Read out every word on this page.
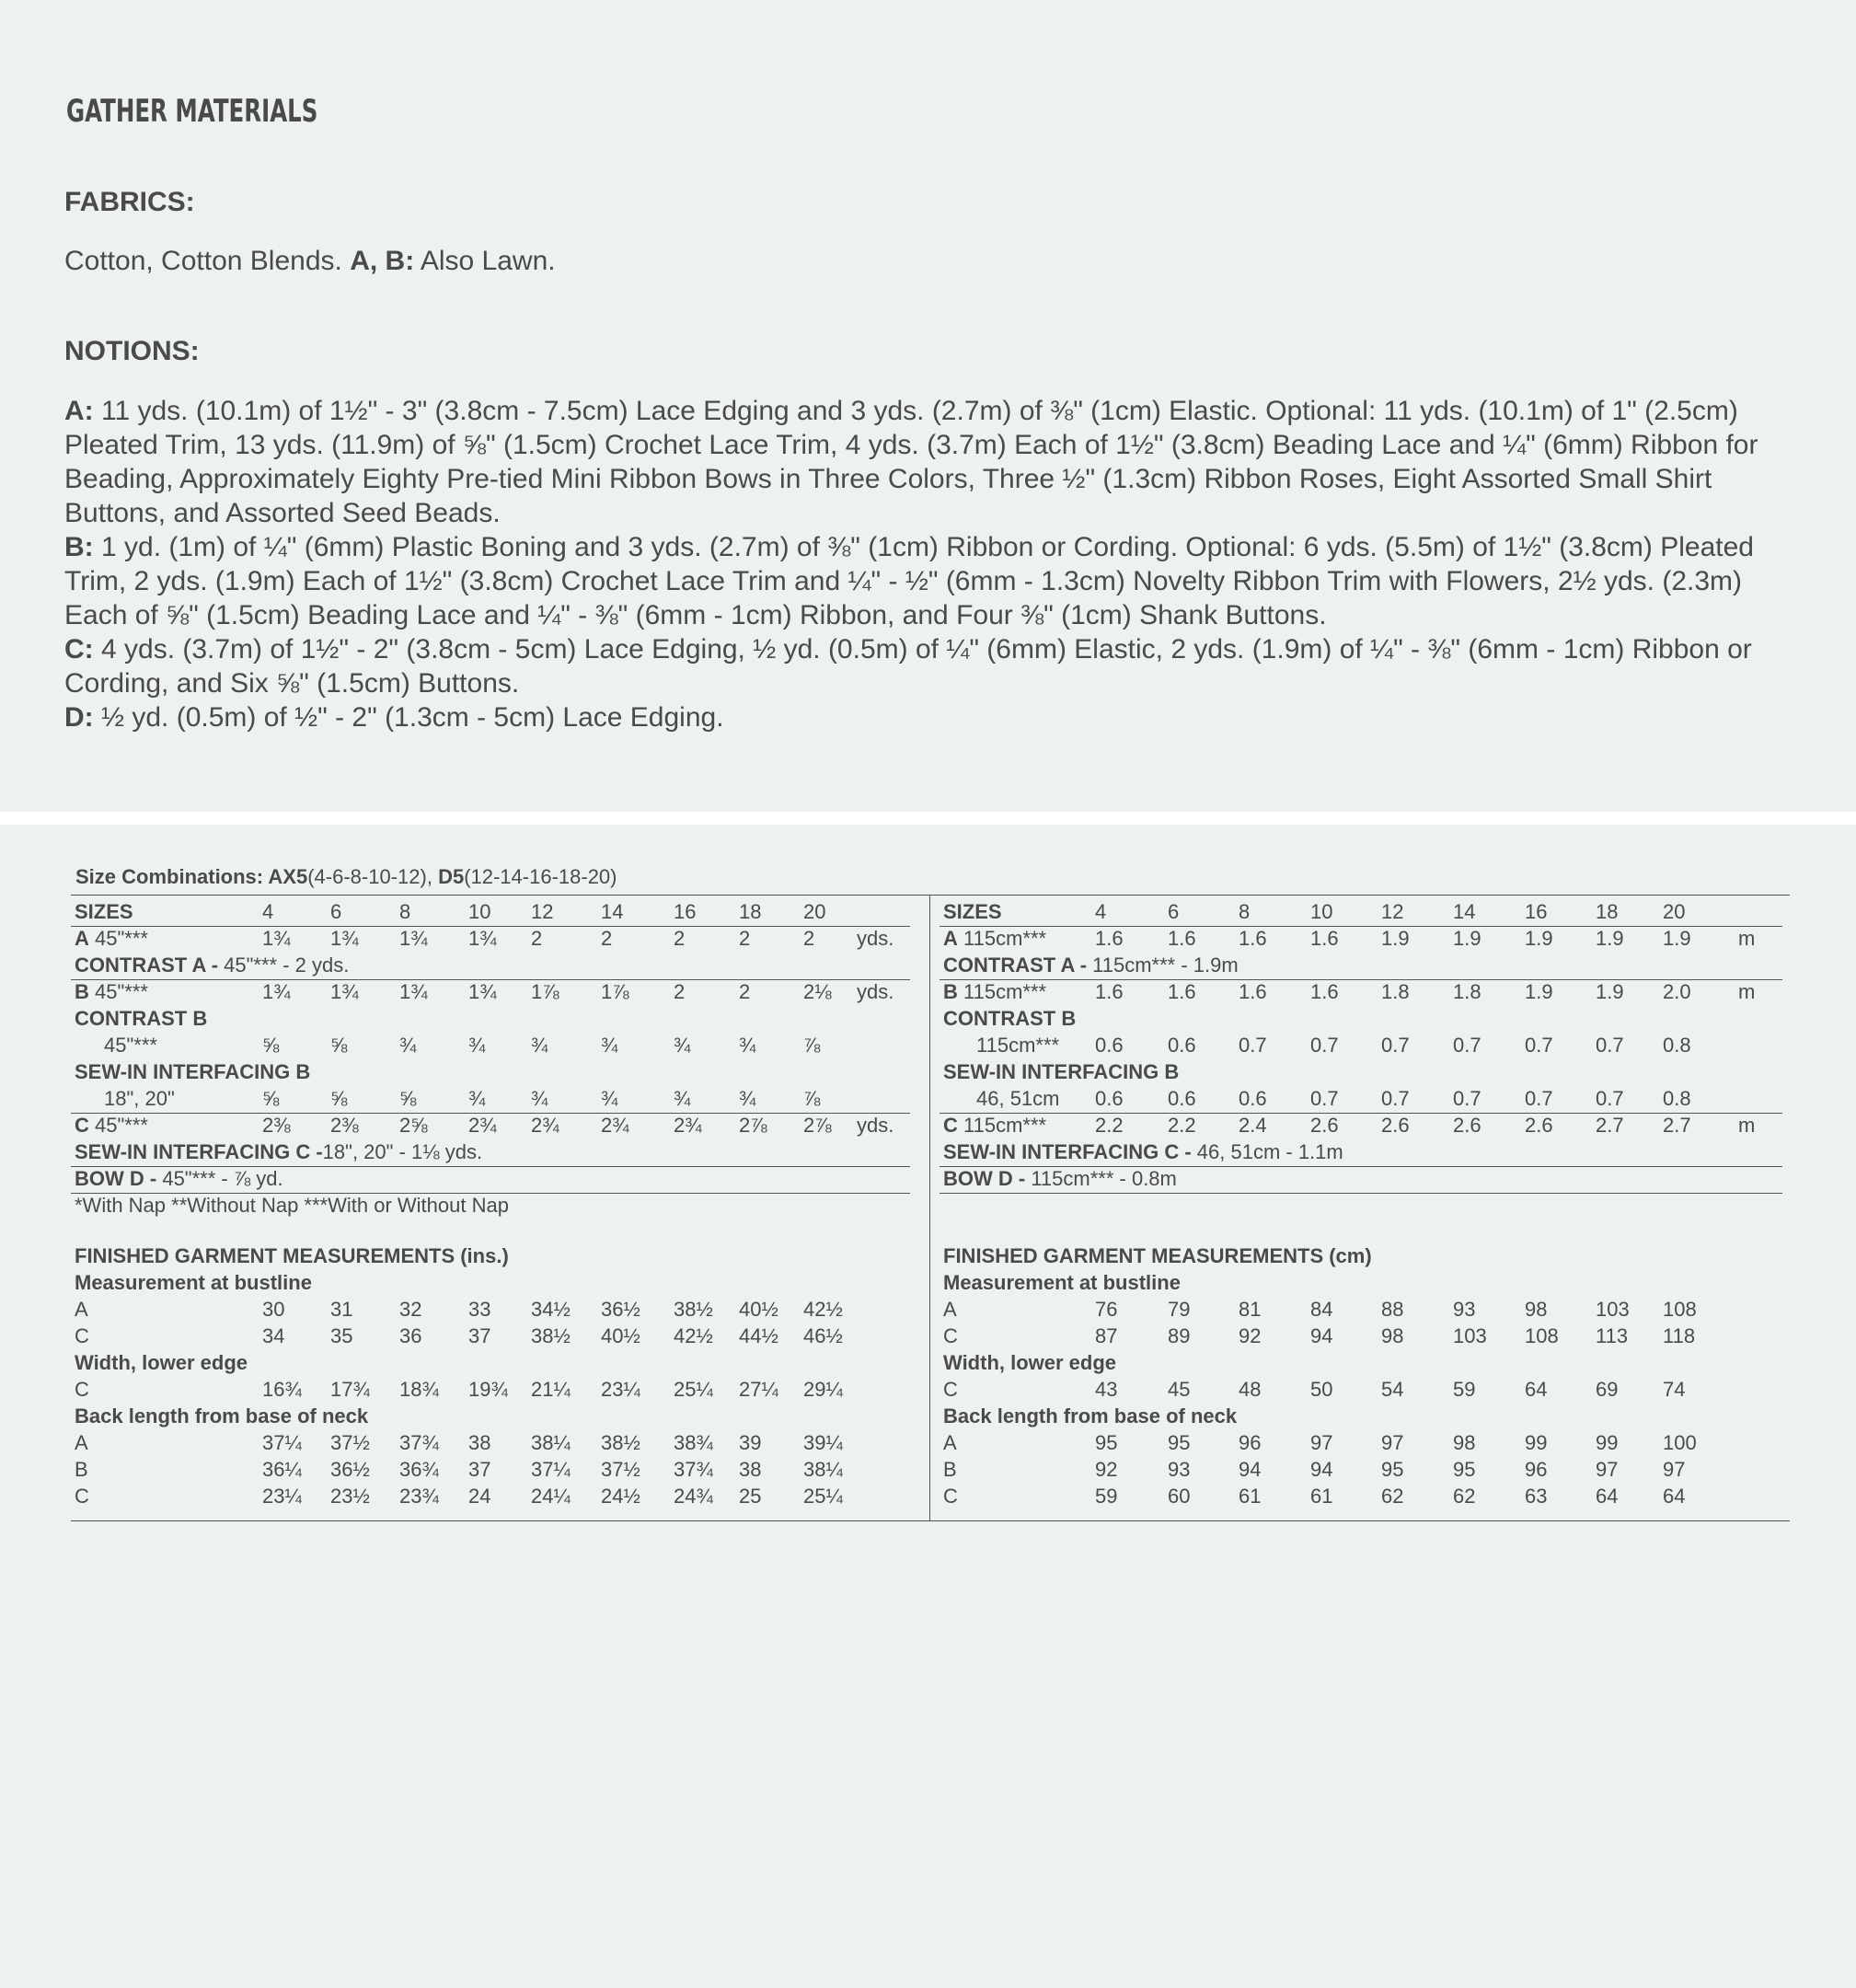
GATHER MATERIALS
FABRICS:
Cotton, Cotton Blends. A, B: Also Lawn.
NOTIONS:
A: 11 yds. (10.1m) of 1½" - 3" (3.8cm - 7.5cm) Lace Edging and 3 yds. (2.7m) of ⅜" (1cm) Elastic. Optional: 11 yds. (10.1m) of 1" (2.5cm) Pleated Trim, 13 yds. (11.9m) of ⅝" (1.5cm) Crochet Lace Trim, 4 yds. (3.7m) Each of 1½" (3.8cm) Beading Lace and ¼" (6mm) Ribbon for Beading, Approximately Eighty Pre-tied Mini Ribbon Bows in Three Colors, Three ½" (1.3cm) Ribbon Roses, Eight Assorted Small Shirt Buttons, and Assorted Seed Beads.
B: 1 yd. (1m) of ¼" (6mm) Plastic Boning and 3 yds. (2.7m) of ⅜" (1cm) Ribbon or Cording. Optional: 6 yds. (5.5m) of 1½" (3.8cm) Pleated Trim, 2 yds. (1.9m) Each of 1½" (3.8cm) Crochet Lace Trim and ¼" - ½" (6mm - 1.3cm) Novelty Ribbon Trim with Flowers, 2½ yds. (2.3m) Each of ⅝" (1.5cm) Beading Lace and ¼" - ⅜" (6mm - 1cm) Ribbon, and Four ⅜" (1cm) Shank Buttons.
C: 4 yds. (3.7m) of 1½" - 2" (3.8cm - 5cm) Lace Edging, ½ yd. (0.5m) of ¼" (6mm) Elastic, 2 yds. (1.9m) of ¼" - ⅜" (6mm - 1cm) Ribbon or Cording, and Six ⅝" (1.5cm) Buttons.
D: ½ yd. (0.5m) of ½" - 2" (1.3cm - 5cm) Lace Edging.
Size Combinations: AX5(4-6-8-10-12), D5(12-14-16-18-20)
SIZES	4	6	8	10 12 14 16 18 20
A 45"***	1¾ 1¾ 1¾ 1¾ 2	2	2	2	2 yds.
CONTRAST A - 45"*** - 2 yds.
B 45"***	1¾ 1¾ 1¾ 1¾ 1⅞ 1⅞ 2	2	2⅛ yds.
CONTRAST B
45"***	⅝	⅝	¾	¾ ¾	¾	¾ ¾ ⅞
SEW-IN INTERFACING B
18", 20"	⅝	⅝	⅝	¾ ¾	¾	¾ ¾ ⅞
C 45"***	2⅜ 2⅜ 2⅝ 2¾ 2¾ 2¾ 2¾ 2⅞ 2⅞ yds.
SEW-IN INTERFACING C -18", 20" - 1⅛ yds.
BOW D - 45"*** - ⅞ yd.
*With Nap **Without Nap ***With or Without Nap
FINISHED GARMENT MEASUREMENTS (ins.)
Measurement at bustline
A	30 31 32 33 34½ 36½ 38½ 40½ 42½
C	34 35 36 37 38½ 40½ 42½ 44½ 46½
Width, lower edge
C	16¾ 17¾ 18¾ 19¾ 21¼ 23¼ 25¼ 27¼ 29¼
Back length from base of neck
A	37¼ 37½ 37¾ 38 38¼ 38½ 38¾ 39 39¼
B	36¼ 36½ 36¾ 37 37¼ 37½ 37¾ 38 38¼
C	23¼ 23½ 23¾ 24 24¼ 24½ 24¾ 25 25¼
SIZES	4	6	8	10 12 14 16 18 20
A 115cm*** 1.6 1.6 1.6 1.6 1.9 1.9 1.9 1.9 1.9 m
CONTRAST A - 115cm*** - 1.9m
B 115cm*** 1.6 1.6 1.6 1.6 1.8 1.8 1.9 1.9 2.0 m
CONTRAST B
115cm*** 0.6 0.6 0.7 0.7 0.7 0.7 0.7 0.7 0.8
SEW-IN INTERFACING B
46, 51cm 0.6 0.6 0.6 0.7 0.7 0.7 0.7 0.7 0.8
C 115cm*** 2.2 2.2 2.4 2.6 2.6 2.6 2.6 2.7 2.7 m
SEW-IN INTERFACING C - 46, 51cm - 1.1m
BOW D - 115cm*** - 0.8m
FINISHED GARMENT MEASUREMENTS (cm)
Measurement at bustline
A	76 79 81 84 88 93 98 103 108
C	87 89 92 94 98 103 108 113 118
Width, lower edge
C	43 45 48 50 54 59 64 69 74
Back length from base of neck
A	95 95 96 97 97 98 99 99 100
B	92 93 94 94 95 95 96 97 97
C	59 60 61 61 62 62 63 64 64
